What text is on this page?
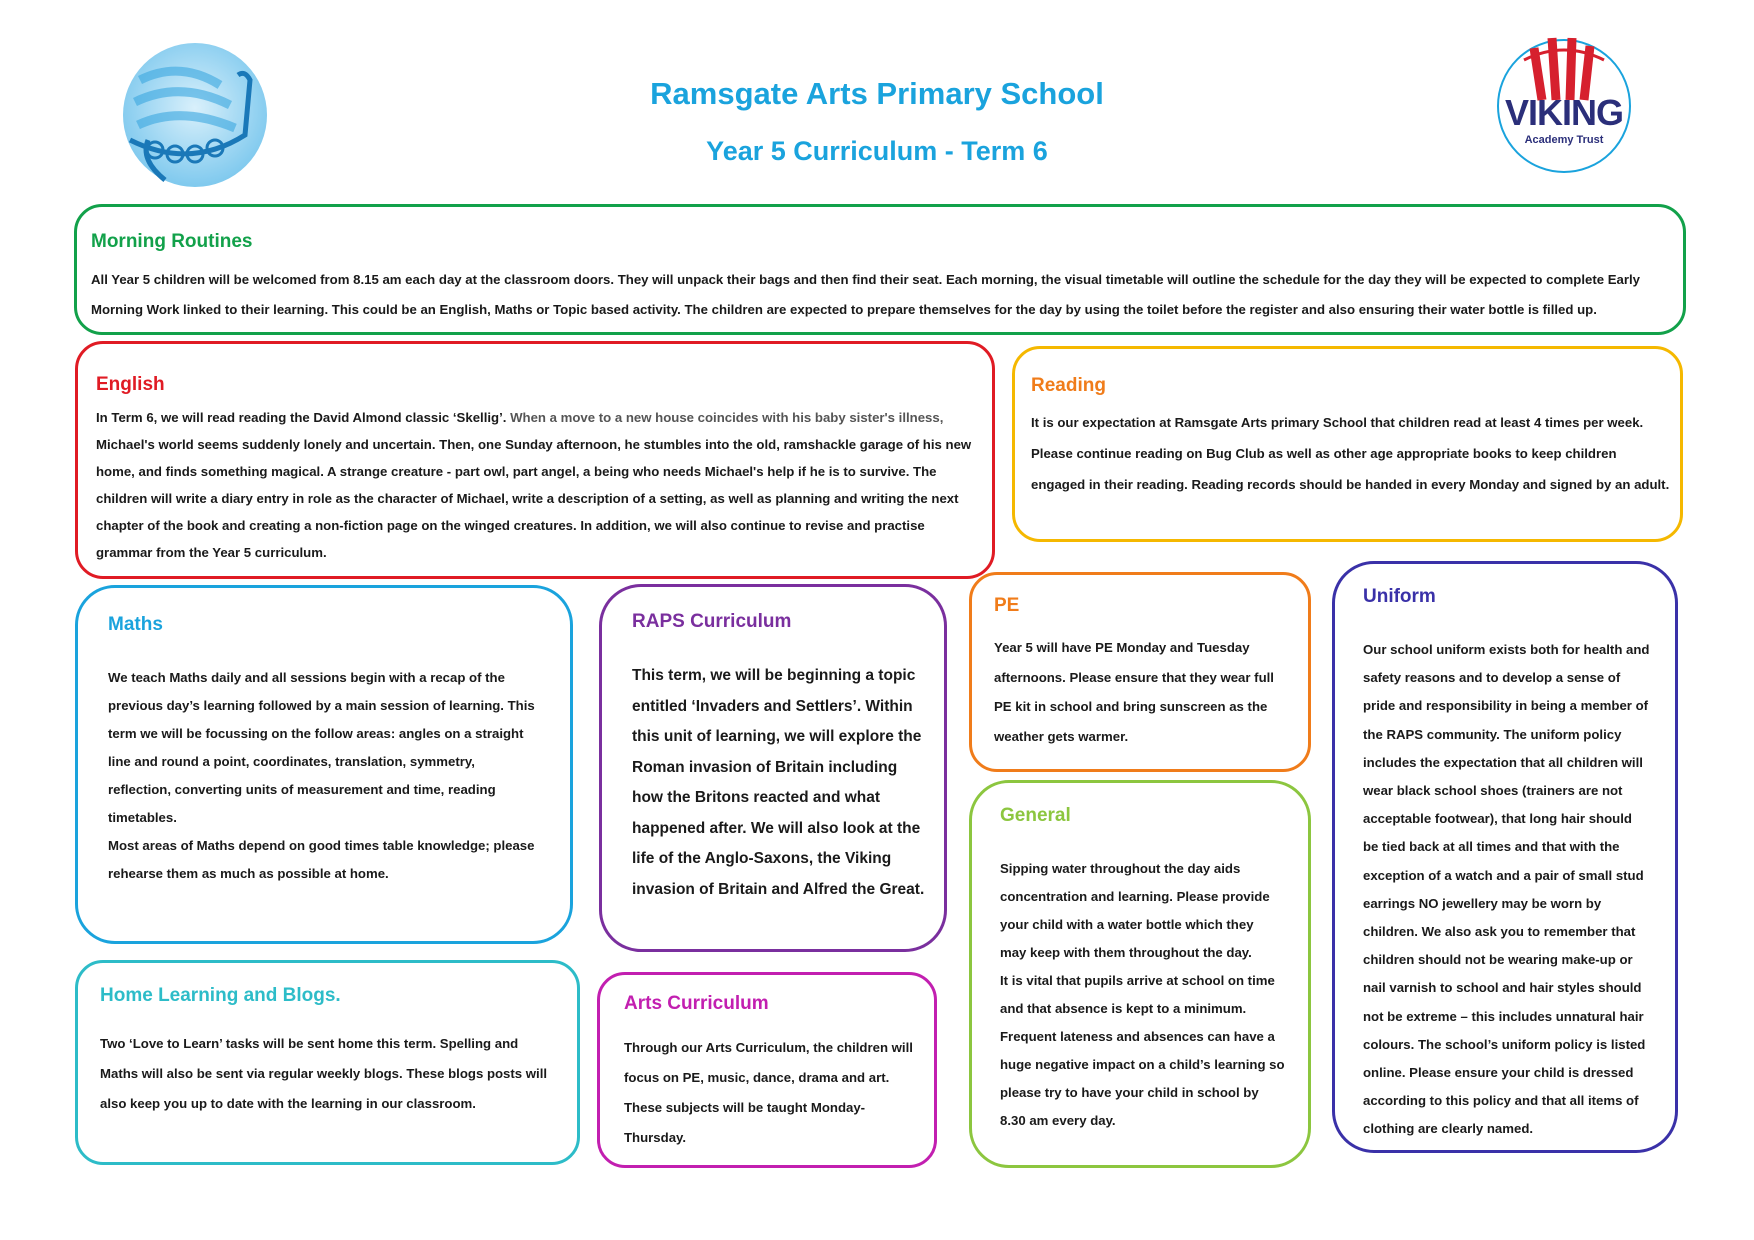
Ramsgate Arts Primary School
Year 5 Curriculum - Term 6
VIKING
Academy Trust
Morning Routines

All Year 5 children will be welcomed from 8.15 am each day at the classroom doors. They will unpack their bags and then find their seat. Each morning, the visual timetable will outline the schedule for the day they will be expected to complete Early

Morning Work linked to their learning. This could be an English, Maths or Topic based activity. The children are expected to prepare themselves for the day by using the toilet before the register and also ensuring their water bottle is filled up.

English

In Term 6, we will read reading the David Almond classic ‘Skellig’. When a move to a new house coincides with his baby sister's illness,

Michael's world seems suddenly lonely and uncertain. Then, one Sunday afternoon, he stumbles into the old, ramshackle garage of his new

home, and finds something magical. A strange creature - part owl, part angel, a being who needs Michael's help if he is to survive. The

children will write a diary entry in role as the character of Michael, write a description of a setting, as well as planning and writing the next

chapter of the book and creating a non-fiction page on the winged creatures. In addition, we will also continue to revise and practise

grammar from the Year 5 curriculum.

Reading

It is our expectation at Ramsgate Arts primary School that children read at least 4 times per week.

Please continue reading on Bug Club as well as other age appropriate books to keep children

engaged in their reading. Reading records should be handed in every Monday and signed by an adult.

Maths

We teach Maths daily and all sessions begin with a recap of the

previous day’s learning followed by a main session of learning. This

term we will be focussing on the follow areas: angles on a straight

line and round a point, coordinates, translation, symmetry,

reflection, converting units of measurement and time, reading

timetables.

Most areas of Maths depend on good times table knowledge; please

rehearse them as much as possible at home.

RAPS Curriculum

This term, we will be beginning a topic

entitled ‘Invaders and Settlers’. Within

this unit of learning, we will explore the

Roman invasion of Britain including

how the Britons reacted and what

happened after. We will also look at the

life of the Anglo-Saxons, the Viking

invasion of Britain and Alfred the Great.

PE

Year 5 will have PE Monday and Tuesday

afternoons. Please ensure that they wear full

PE kit in school and bring sunscreen as the

weather gets warmer.

Uniform

Our school uniform exists both for health and

safety reasons and to develop a sense of

pride and responsibility in being a member of

the RAPS community. The uniform policy

includes the expectation that all children will

wear black school shoes (trainers are not

acceptable footwear), that long hair should

be tied back at all times and that with the

exception of a watch and a pair of small stud

earrings NO jewellery may be worn by

children. We also ask you to remember that

children should not be wearing make-up or

nail varnish to school and hair styles should

not be extreme – this includes unnatural hair

colours. The school’s uniform policy is listed

online. Please ensure your child is dressed

according to this policy and that all items of

clothing are clearly named.

General

Sipping water throughout the day aids

concentration and learning. Please provide

your child with a water bottle which they

may keep with them throughout the day.

It is vital that pupils arrive at school on time

and that absence is kept to a minimum.

Frequent lateness and absences can have a

huge negative impact on a child’s learning so

please try to have your child in school by

8.30 am every day.

Home Learning and Blogs.

Two ‘Love to Learn’ tasks will be sent home this term. Spelling and

Maths will also be sent via regular weekly blogs. These blogs posts will

also keep you up to date with the learning in our classroom.

Arts Curriculum

Through our Arts Curriculum, the children will

focus on PE, music, dance, drama and art.

These subjects will be taught Monday-

Thursday.
